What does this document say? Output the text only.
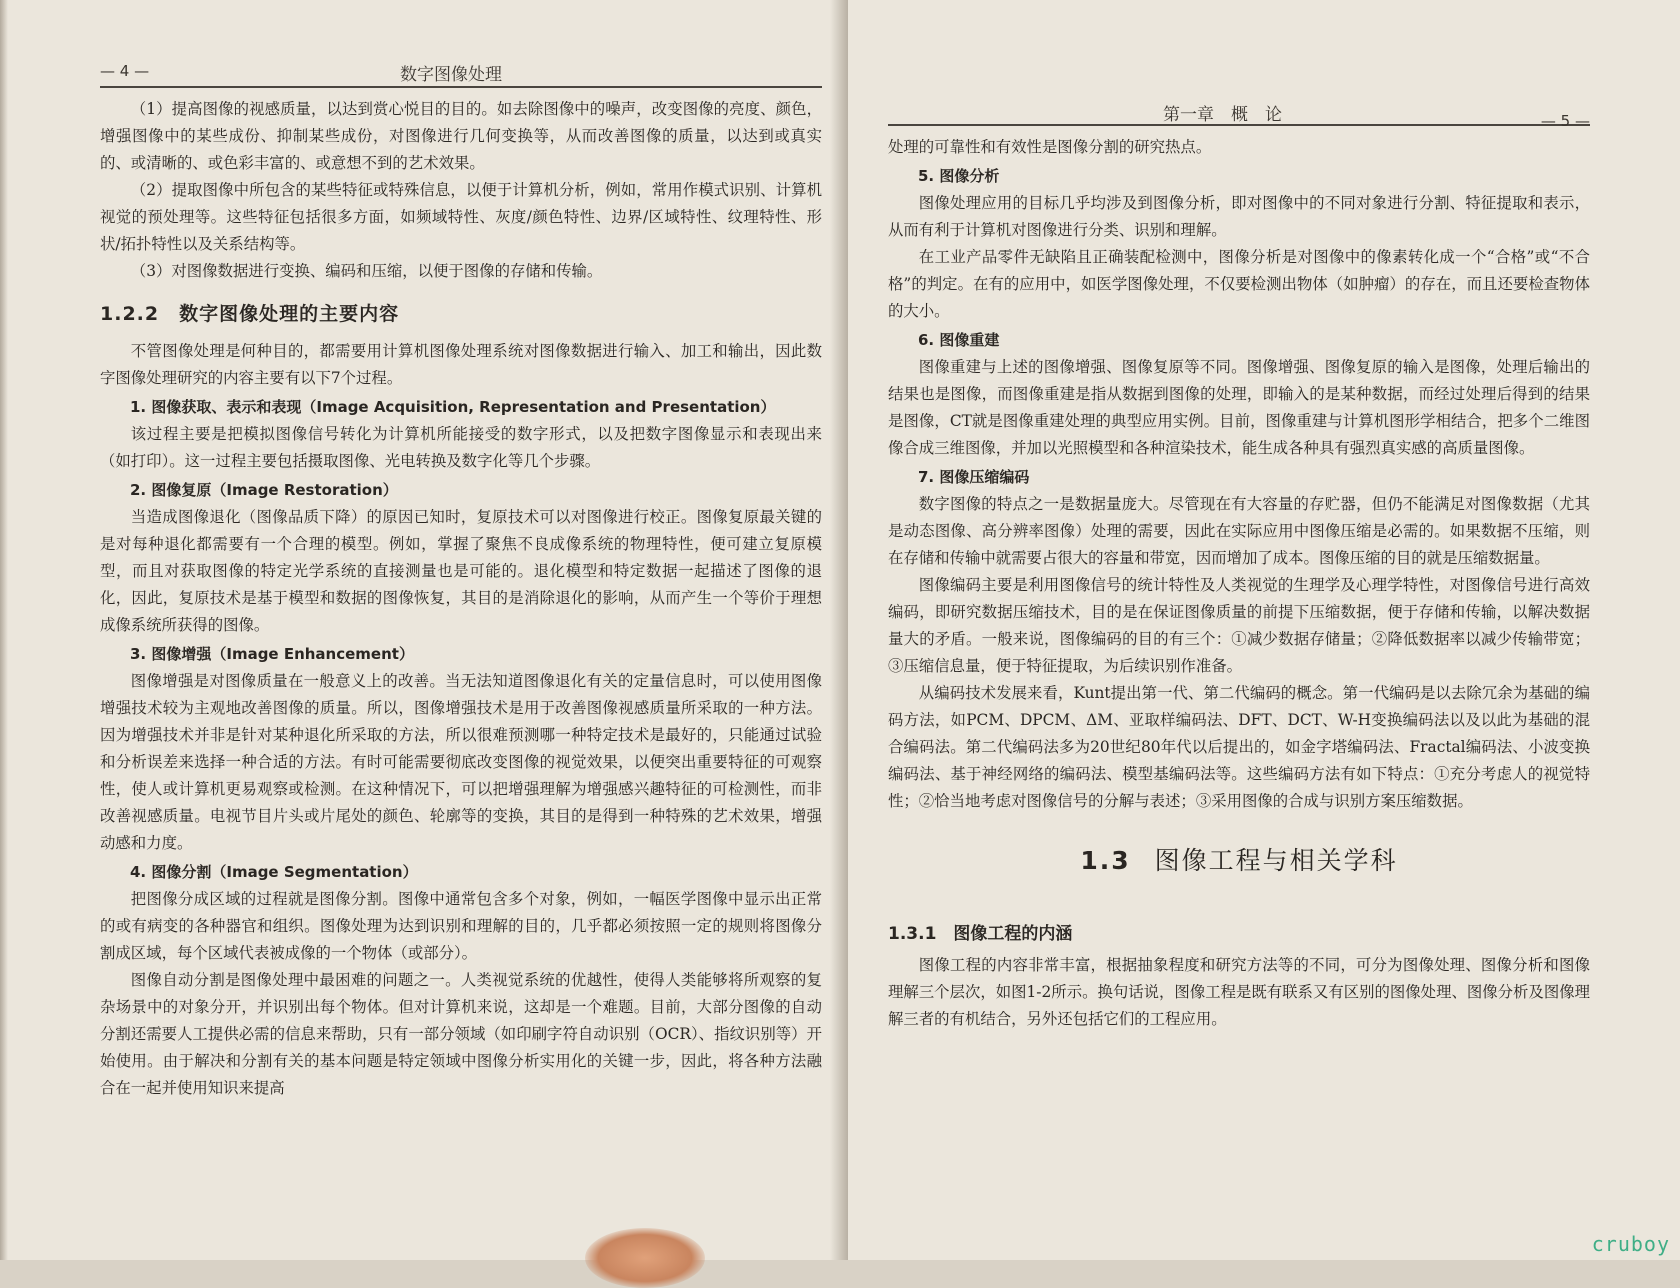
— 4 —	数字图像处理

（1）提高图像的视感质量，以达到赏心悦目的目的。如去除图像中的噪声，改变图像的亮度、颜色，增强图像中的某些成份、抑制某些成份，对图像进行几何变换等，从而改善图像的质量，以达到或真实的、或清晰的、或色彩丰富的、或意想不到的艺术效果。

（2）提取图像中所包含的某些特征或特殊信息，以便于计算机分析，例如，常用作模式识别、计算机视觉的预处理等。这些特征包括很多方面，如频域特性、灰度/颜色特性、边界/区域特性、纹理特性、形状/拓扑特性以及关系结构等。

（3）对图像数据进行变换、编码和压缩，以便于图像的存储和传输。

1.2.2　数字图像处理的主要内容

不管图像处理是何种目的，都需要用计算机图像处理系统对图像数据进行输入、加工和输出，因此数字图像处理研究的内容主要有以下7个过程。

1. 图像获取、表示和表现（Image Acquisition, Representation and Presentation）

该过程主要是把模拟图像信号转化为计算机所能接受的数字形式，以及把数字图像显示和表现出来（如打印）。这一过程主要包括摄取图像、光电转换及数字化等几个步骤。

2. 图像复原（Image Restoration）

当造成图像退化（图像品质下降）的原因已知时，复原技术可以对图像进行校正。图像复原最关键的是对每种退化都需要有一个合理的模型。例如，掌握了聚焦不良成像系统的物理特性，便可建立复原模型，而且对获取图像的特定光学系统的直接测量也是可能的。退化模型和特定数据一起描述了图像的退化，因此，复原技术是基于模型和数据的图像恢复，其目的是消除退化的影响，从而产生一个等价于理想成像系统所获得的图像。

3. 图像增强（Image Enhancement）

图像增强是对图像质量在一般意义上的改善。当无法知道图像退化有关的定量信息时，可以使用图像增强技术较为主观地改善图像的质量。所以，图像增强技术是用于改善图像视感质量所采取的一种方法。因为增强技术并非是针对某种退化所采取的方法，所以很难预测哪一种特定技术是最好的，只能通过试验和分析误差来选择一种合适的方法。有时可能需要彻底改变图像的视觉效果，以便突出重要特征的可观察性，使人或计算机更易观察或检测。在这种情况下，可以把增强理解为增强感兴趣特征的可检测性，而非改善视感质量。电视节目片头或片尾处的颜色、轮廓等的变换，其目的是得到一种特殊的艺术效果，增强动感和力度。

4. 图像分割（Image Segmentation）

把图像分成区域的过程就是图像分割。图像中通常包含多个对象，例如，一幅医学图像中显示出正常的或有病变的各种器官和组织。图像处理为达到识别和理解的目的，几乎都必须按照一定的规则将图像分割成区域，每个区域代表被成像的一个物体（或部分）。

图像自动分割是图像处理中最困难的问题之一。人类视觉系统的优越性，使得人类能够将所观察的复杂场景中的对象分开，并识别出每个物体。但对计算机来说，这却是一个难题。目前，大部分图像的自动分割还需要人工提供必需的信息来帮助，只有一部分领域（如印刷字符自动识别（OCR）、指纹识别等）开始使用。由于解决和分割有关的基本问题是特定领域中图像分析实用化的关键一步，因此，将各种方法融合在一起并使用知识来提高

第一章　概　论	— 5 —

处理的可靠性和有效性是图像分割的研究热点。

5. 图像分析

图像处理应用的目标几乎均涉及到图像分析，即对图像中的不同对象进行分割、特征提取和表示，从而有利于计算机对图像进行分类、识别和理解。

在工业产品零件无缺陷且正确装配检测中，图像分析是对图像中的像素转化成一个“合格”或“不合格”的判定。在有的应用中，如医学图像处理，不仅要检测出物体（如肿瘤）的存在，而且还要检查物体的大小。

6. 图像重建

图像重建与上述的图像增强、图像复原等不同。图像增强、图像复原的输入是图像，处理后输出的结果也是图像，而图像重建是指从数据到图像的处理，即输入的是某种数据，而经过处理后得到的结果是图像，CT就是图像重建处理的典型应用实例。目前，图像重建与计算机图形学相结合，把多个二维图像合成三维图像，并加以光照模型和各种渲染技术，能生成各种具有强烈真实感的高质量图像。

7. 图像压缩编码

数字图像的特点之一是数据量庞大。尽管现在有大容量的存贮器，但仍不能满足对图像数据（尤其是动态图像、高分辨率图像）处理的需要，因此在实际应用中图像压缩是必需的。如果数据不压缩，则在存储和传输中就需要占很大的容量和带宽，因而增加了成本。图像压缩的目的就是压缩数据量。

图像编码主要是利用图像信号的统计特性及人类视觉的生理学及心理学特性，对图像信号进行高效编码，即研究数据压缩技术，目的是在保证图像质量的前提下压缩数据，便于存储和传输，以解决数据量大的矛盾。一般来说，图像编码的目的有三个：①减少数据存储量；②降低数据率以减少传输带宽；③压缩信息量，便于特征提取，为后续识别作准备。

从编码技术发展来看，Kunt提出第一代、第二代编码的概念。第一代编码是以去除冗余为基础的编码方法，如PCM、DPCM、ΔM、亚取样编码法、DFT、DCT、W-H变换编码法以及以此为基础的混合编码法。第二代编码法多为20世纪80年代以后提出的，如金字塔编码法、Fractal编码法、小波变换编码法、基于神经网络的编码法、模型基编码法等。这些编码方法有如下特点：①充分考虑人的视觉特性；②恰当地考虑对图像信号的分解与表述；③采用图像的合成与识别方案压缩数据。

1.3 图像工程与相关学科
1.3.1　图像工程的内涵

图像工程的内容非常丰富，根据抽象程度和研究方法等的不同，可分为图像处理、图像分析和图像理解三个层次，如图1-2所示。换句话说，图像工程是既有联系又有区别的图像处理、图像分析及图像理解三者的有机结合，另外还包括它们的工程应用。

cruboy
